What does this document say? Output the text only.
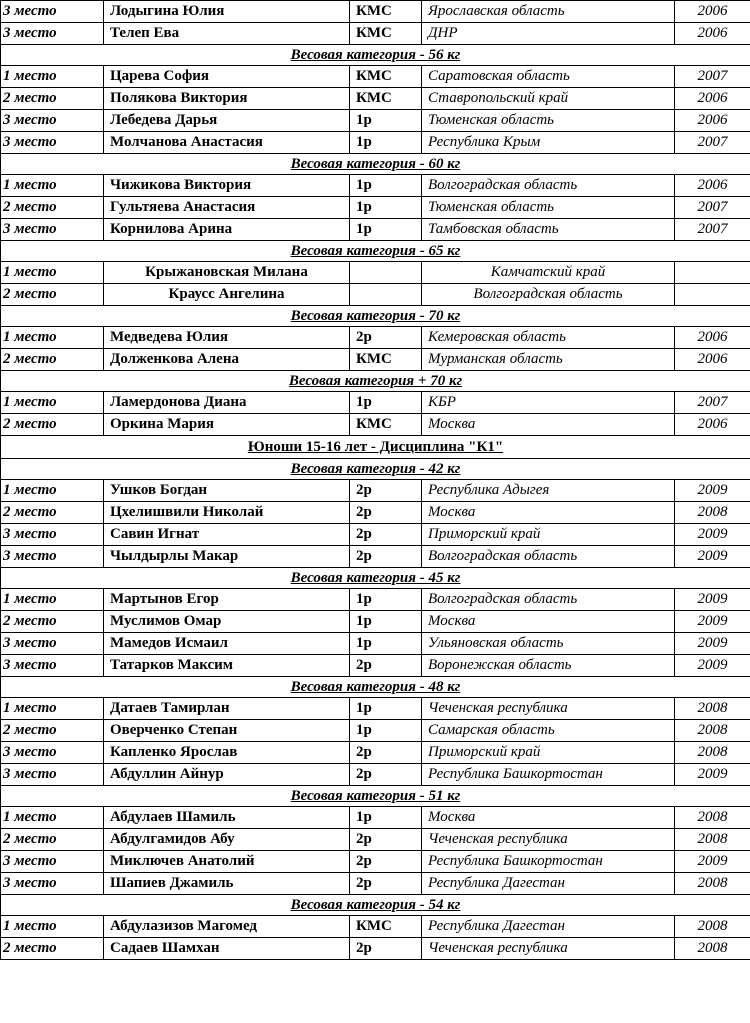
3 место	Лодыгина Юлия	КМС	Ярославская область	2006
3 место	Телеп Ева	КМС	ДНР	2006
Весовая категория - 56 кг				
1 место	Царева София	КМС	Саратовская область	2007
2 место	Полякова Виктория	КМС	Ставропольский край	2006
3 место	Лебедева Дарья	1р	Тюменская область	2006
3 место	Молчанова Анастасия	1р	Республика Крым	2007
Весовая категория - 60 кг				
1 место	Чижикова Виктория	1р	Волгоградская область	2006
2 место	Гультяева Анастасия	1р	Тюменская область	2007
3 место	Корнилова Арина	1р	Тамбовская область	2007
Весовая категория - 65 кг				
1 место	Крыжановская Милана		Камчатский край	
2 место	Краусс Ангелина		Волгоградская область	
Весовая категория - 70 кг				
1 место	Медведева Юлия	2р	Кемеровская область	2006
2 место	Долженкова Алена	КМС	Мурманская область	2006
Весовая категория + 70 кг				
1 место	Ламердонова Диана	1р	КБР	2007
2 место	Оркина Мария	КМС	Москва	2006
Юноши 15-16 лет - Дисциплина "К1"				
Весовая категория - 42 кг				
1 место	Ушков Богдан	2р	Республика Адыгея	2009
2 место	Цхелишвили Николай	2р	Москва	2008
3 место	Савин Игнат	2р	Приморский край	2009
3 место	Чылдырлы Макар	2р	Волгоградская область	2009
Весовая категория - 45 кг				
1 место	Мартынов Егор	1р	Волгоградская область	2009
2 место	Муслимов Омар	1р	Москва	2009
3 место	Мамедов Исмаил	1р	Ульяновская область	2009
3 место	Татарков Максим	2р	Воронежская область	2009
Весовая категория - 48 кг				
1 место	Датаев Тамирлан	1р	Чеченская республика	2008
2 место	Оверченко Степан	1р	Самарская область	2008
3 место	Капленко Ярослав	2р	Приморский край	2008
3 место	Абдуллин Айнур	2р	Республика Башкортостан	2009
Весовая категория - 51 кг				
1 место	Абдулаев Шамиль	1р	Москва	2008
2 место	Абдулгамидов Абу	2р	Чеченская республика	2008
3 место	Миключев Анатолий	2р	Республика Башкортостан	2009
3 место	Шапиев Джамиль	2р	Республика Дагестан	2008
Весовая категория - 54 кг				
1 место	Абдулазизов Магомед	КМС	Республика Дагестан	2008
2 место	Садаев Шамхан	2р	Чеченская республика	2008
